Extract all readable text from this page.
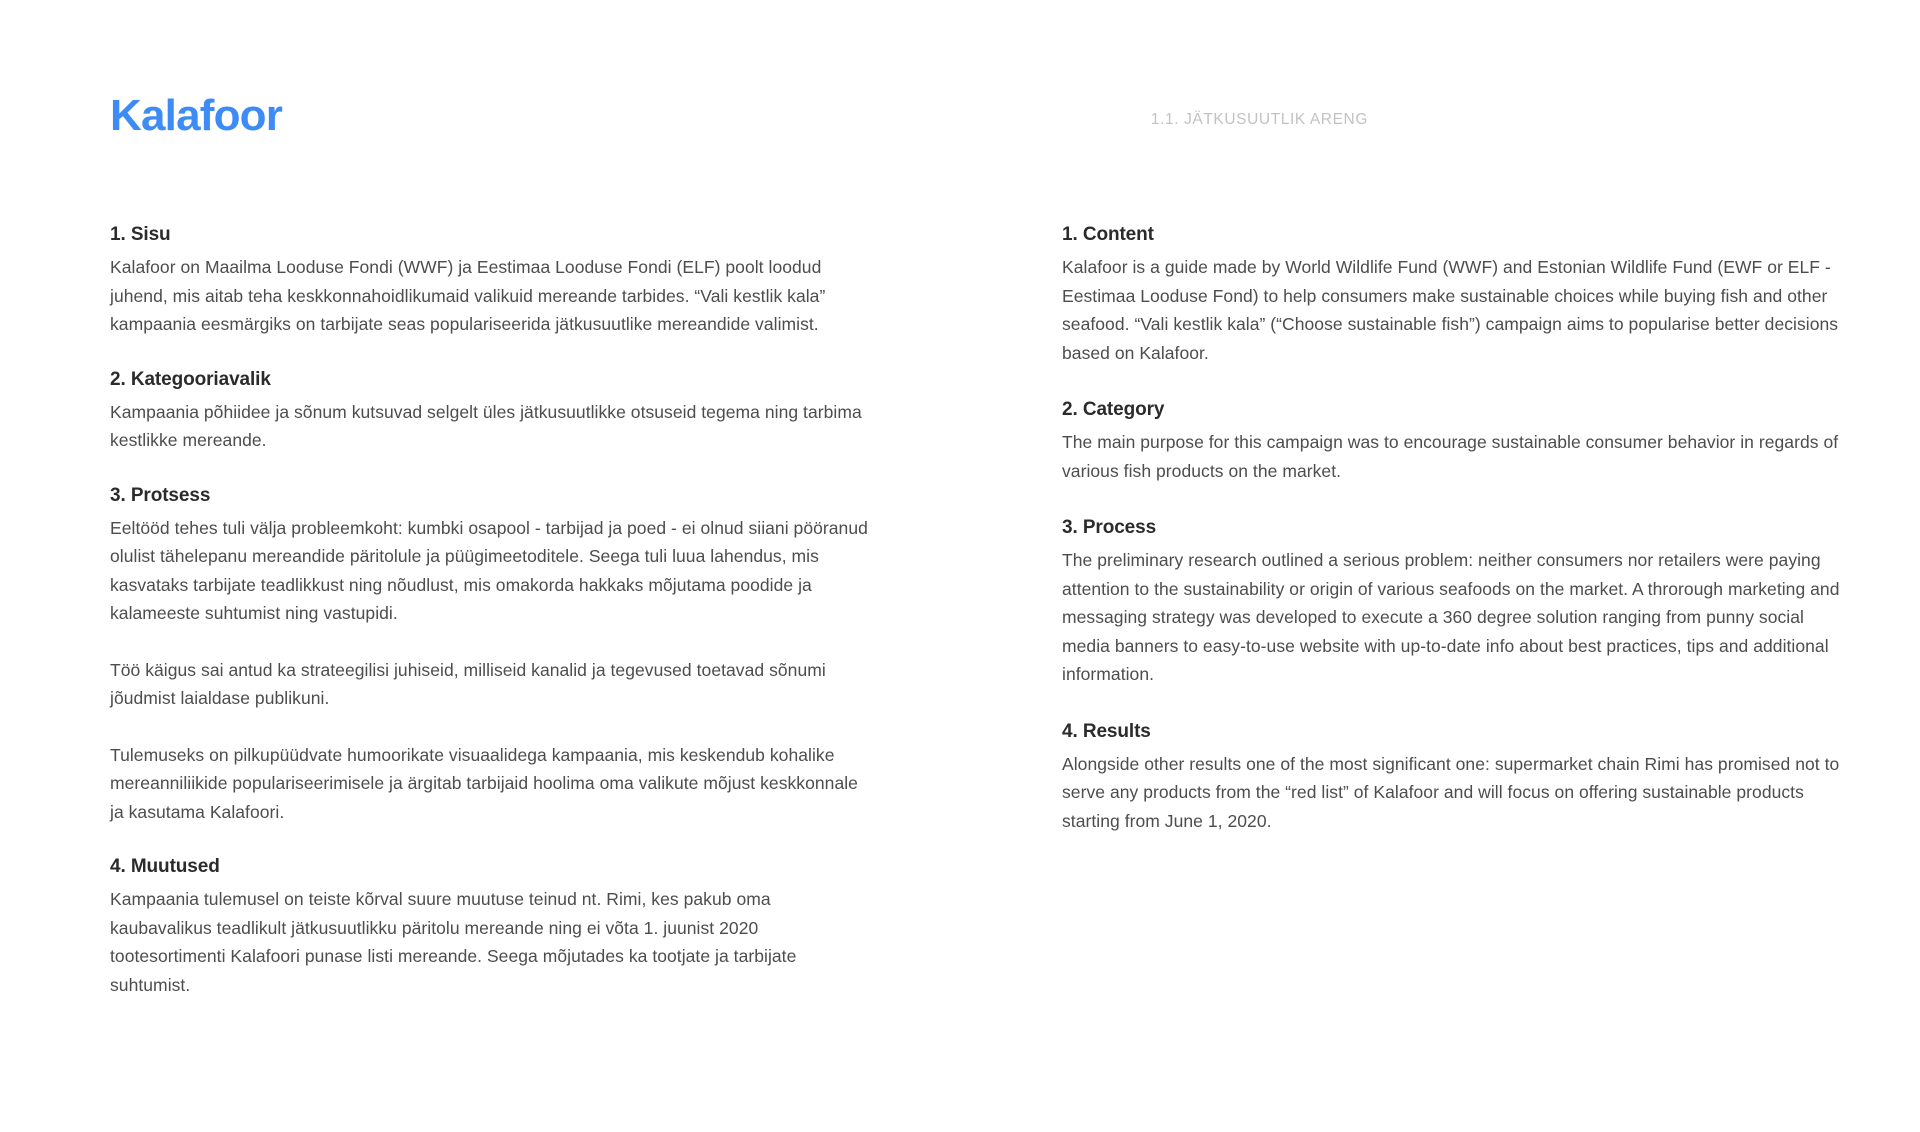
Kalafoor	1.1. JÄTKUSUUTLIK ARENG
1. Sisu

Kalafoor on Maailma Looduse Fondi (WWF) ja Eestimaa Looduse Fondi (ELF) poolt loodud juhend, mis aitab teha keskkonnahoidlikumaid valikuid mereande tarbides. “Vali kestlik kala” kampaania eesmärgiks on tarbijate seas populariseerida jätkusuutlike mereandide valimist.

2. Kategooriavalik

Kampaania põhiidee ja sõnum kutsuvad selgelt üles jätkusuutlikke otsuseid tegema ning tarbima kestlikke mereande.

3. Protsess

Eeltööd tehes tuli välja probleemkoht: kumbki osapool - tarbijad ja poed - ei olnud siiani pööranud olulist tähelepanu mereandide päritolule ja püügimeetoditele. Seega tuli luua lahendus, mis kasvataks tarbijate teadlikkust ning nõudlust, mis omakorda hakkaks mõjutama poodide ja kalameeste suhtumist ning vastupidi.

Töö käigus sai antud ka strateegilisi juhiseid, milliseid kanalid ja tegevused toetavad sõnumi jõudmist laialdase publikuni.

Tulemuseks on pilkupüüdvate humoorikate visuaalidega kampaania, mis keskendub kohalike mereanniliikide populariseerimisele ja ärgitab tarbijaid hoolima oma valikute mõjust keskkonnale ja kasutama Kalafoori.

4. Muutused

Kampaania tulemusel on teiste kõrval suure muutuse teinud nt. Rimi, kes pakub oma kaubavalikus teadlikult jätkusuutlikku päritolu mereande ning ei võta 1. juunist 2020 tootesortimenti Kalafoori punase listi mereande. Seega mõjutades ka tootjate ja tarbijate suhtumist.

1. Content

Kalafoor is a guide made by World Wildlife Fund (WWF) and Estonian Wildlife Fund (EWF or ELF - Eestimaa Looduse Fond) to help consumers make sustainable choices while buying fish and other seafood. “Vali kestlik kala” (“Choose sustainable fish”) campaign aims to popularise better decisions based on Kalafoor.

2. Category

The main purpose for this campaign was to encourage sustainable consumer behavior in regards of various fish products on the market.

3. Process

The preliminary research outlined a serious problem: neither consumers nor retailers were paying attention to the sustainability or origin of various seafoods on the market. A throrough marketing and messaging strategy was developed to execute a 360 degree solution ranging from punny social media banners to easy-to-use website with up-to-date info about best practices, tips and additional information.

4. Results

Alongside other results one of the most significant one: supermarket chain Rimi has promised not to serve any products from the “red list” of Kalafoor and will focus on offering sustainable products starting from June 1, 2020.
